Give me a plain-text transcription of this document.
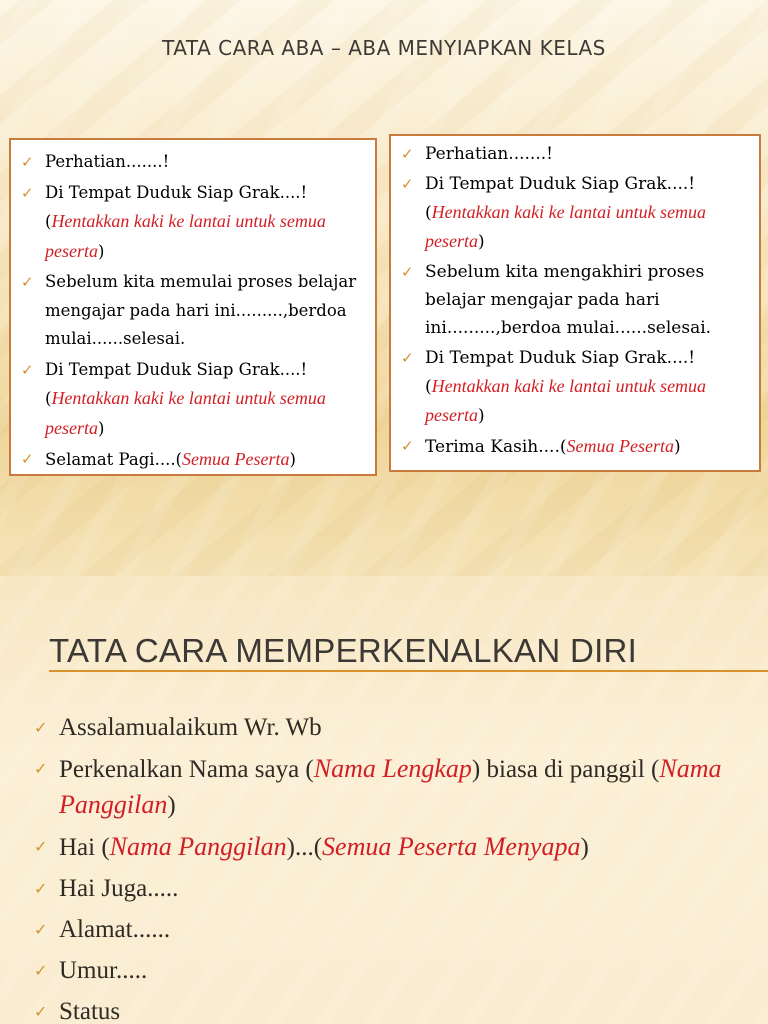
TATA CARA ABA – ABA MENYIAPKAN KELAS
✓ Perhatian.......!
✓ Di Tempat Duduk Siap Grak....! (Hentakkan kaki ke lantai untuk semua peserta)
✓ Sebelum kita memulai proses belajar mengajar pada hari ini.........,berdoa mulai......selesai.
✓ Di Tempat Duduk Siap Grak....! (Hentakkan kaki ke lantai untuk semua peserta)
✓ Selamat Pagi....(Semua Peserta)
✓ Perhatian.......!
✓ Di Tempat Duduk Siap Grak....! (Hentakkan kaki ke lantai untuk semua peserta)
✓ Sebelum kita mengakhiri proses belajar mengajar pada hari ini.........,berdoa mulai......selesai.
✓ Di Tempat Duduk Siap Grak....! (Hentakkan kaki ke lantai untuk semua peserta)
✓ Terima Kasih....(Semua Peserta)
TATA CARA MEMPERKENALKAN DIRI
✓ Assalamualaikum Wr. Wb
✓ Perkenalkan Nama saya (Nama Lengkap) biasa di panggil (Nama Panggilan)
✓ Hai (Nama Panggilan)...(Semua Peserta Menyapa)
✓ Hai Juga.....
✓ Alamat......
✓ Umur.....
✓ Status
